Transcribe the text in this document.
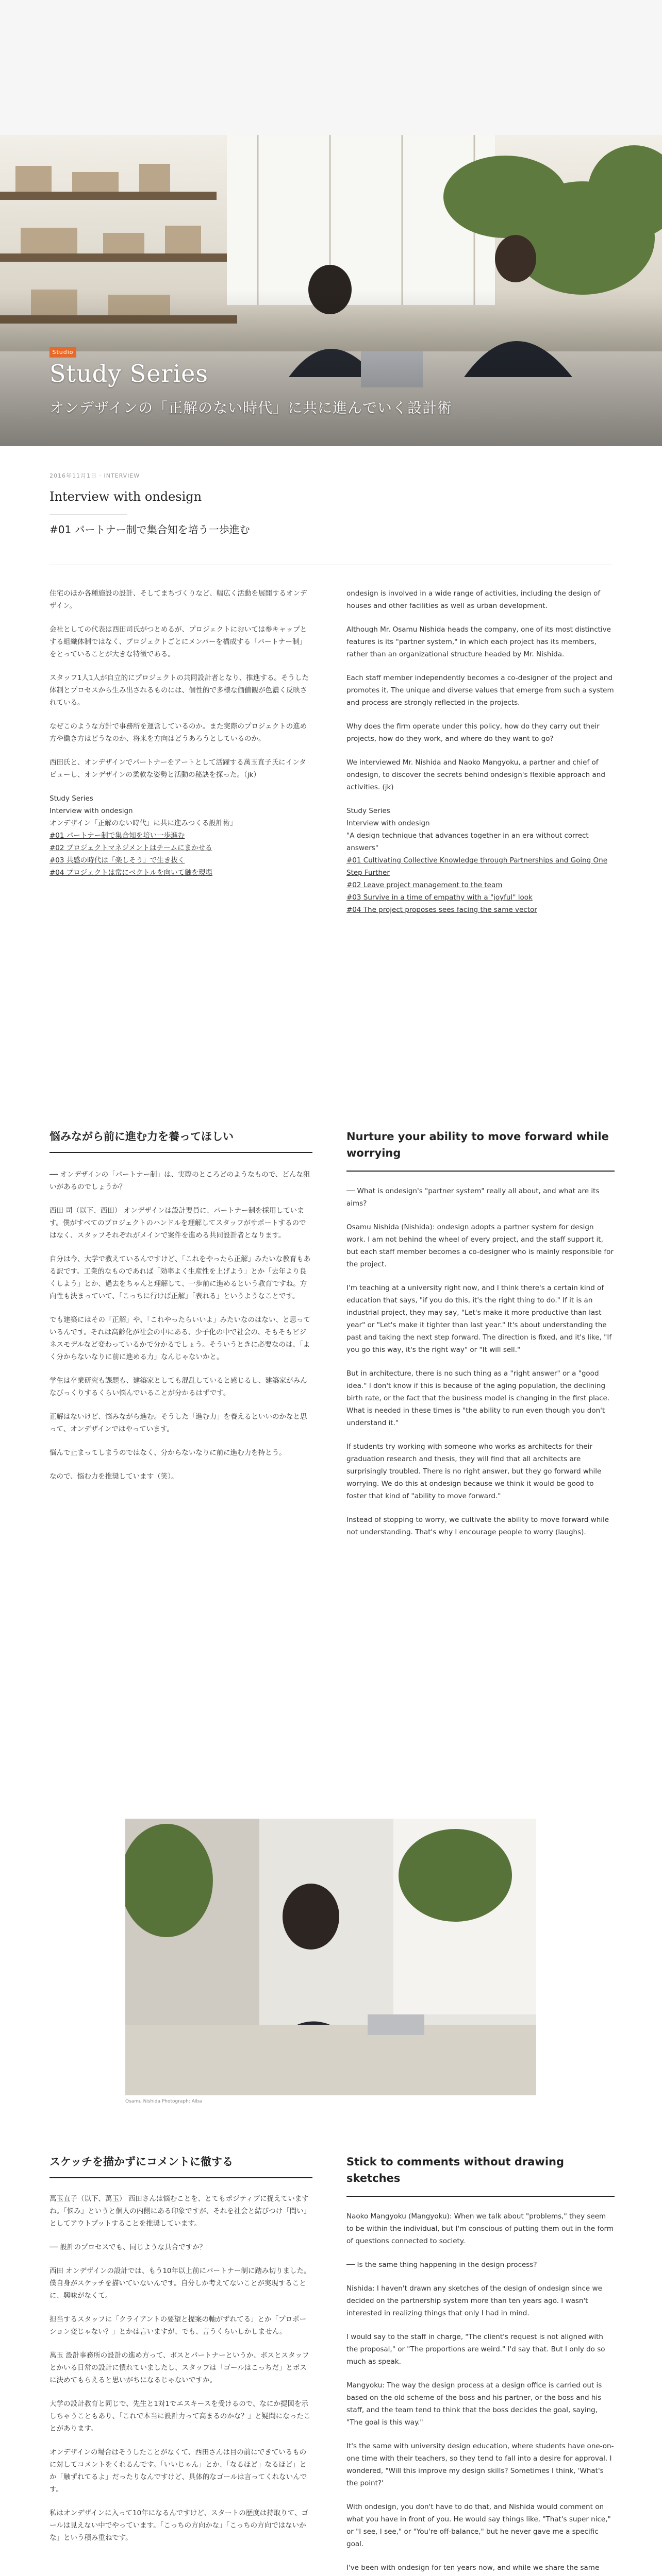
Studio
Study Series
オンデザインの「正解のない時代」に共に進んでいく設計術
2016年11月1日 · INTERVIEW
Interview with ondesign
#01 パートナー制で集合知を培う一歩進む

住宅のほか各種施設の設計、そしてまちづくりなど、幅広く活動を展開するオンデザイン。

会社としての代表は西田司氏がつとめるが、プロジェクトにおいては参キャップとする組織体制ではなく、プロジェクトごとにメンバーを構成する「パートナー制」をとっていることが大きな特徴である。

スタッフ1人1人が自立的にプロジェクトの共同設計者となり、推進する。そうした体制とプロセスから生み出されるものには、個性的で多様な価値観が色濃く反映されている。

なぜこのような方針で事務所を運営しているのか。また実際のプロジェクトの進め方や働き方はどうなのか、将来を方向はどうあろうとしているのか。

西田氏と、オンデザインでパートナーをアートとして活躍する萬玉直子氏にインタビューし、オンデザインの柔軟な姿勢と活動の秘訣を探った。（jk）

Study Series
Interview with ondesign
オンデザイン「正解のない時代」に共に進みつくる設計術」
#01 パートナー制で集合知を培い一歩進む
#02 プロジェクトマネジメントはチームにまかせる
#03 共感の時代は「楽しそう」で生き抜く
#04 プロジェクトは常にベクトルを向いて触を現場

ondesign is involved in a wide range of activities, including the design of houses and other facilities as well as urban development.

Although Mr. Osamu Nishida heads the company, one of its most distinctive features is its "partner system," in which each project has its members, rather than an organizational structure headed by Mr. Nishida.

Each staff member independently becomes a co-designer of the project and promotes it. The unique and diverse values that emerge from such a system and process are strongly reflected in the projects.

Why does the firm operate under this policy, how do they carry out their projects, how do they work, and where do they want to go?

We interviewed Mr. Nishida and Naoko Mangyoku, a partner and chief of ondesign, to discover the secrets behind ondesign's flexible approach and activities. (jk)

Study Series
Interview with ondesign
"A design technique that advances together in an era without correct answers"
#01 Cultivating Collective Knowledge through Partnerships and Going One Step Further
#02 Leave project management to the team
#03 Survive in a time of empathy with a "joyful" look
#04 The project proposes sees facing the same vector
悩みながら前に進む力を養ってほしい	Nurture your ability to move forward while worrying

── オンデザインの「パートナー制」は、実際のところどのようなもので、どんな狙いがあるのでしょうか？

西田 司（以下、西田） オンデザインは設計要員に、パートナー制を採用しています。僕がすべてのプロジェクトのハンドルを理解してスタッフがサポートするのではなく、スタッフそれぞれがメインで案件を進める共同設計者となります。

自分は今、大学で教えているんですけど、「これをやったら正解」みたいな教育もある訳です。工業的なものであれば「効率よく生産性を上げよう」とか「去年より良くしよう」とか、過去をちゃんと理解して、一歩前に進めるという教育ですね。方向性も決まっていて、「こっちに行けば正解」「表れる」というようなことです。

でも建築にはその「正解」や、「これやったらいいよ」みたいなのはない、と思っているんです。それは高齢化が社会の中にある、少子化の中で社会の、そもそもビジネスモデルなど変わっているかで分かるでしょう。そういうときに必要なのは、「よく分からないなりに前に進める力」なんじゃないかと。

学生は卒業研究も課題も、建築家としても混乱していると感じるし、建築家がみんなびっくりするくらい悩んでいることが分かるはずです。

正解はないけど、悩みながら進む。そうした「進む力」を養えるといいのかなと思って、オンデザインではやっています。

悩んで止まってしまうのではなく、分からないなりに前に進む力を持とう。

なので、悩む力を推奨しています（笑）。

── What is ondesign's "partner system" really all about, and what are its aims?

Osamu Nishida (Nishida): ondesign adopts a partner system for design work. I am not behind the wheel of every project, and the staff support it, but each staff member becomes a co-designer who is mainly responsible for the project.

I'm teaching at a university right now, and I think there's a certain kind of education that says, "if you do this, it's the right thing to do." If it is an industrial project, they may say, "Let's make it more productive than last year" or "Let's make it tighter than last year." It's about understanding the past and taking the next step forward. The direction is fixed, and it's like, "If you go this way, it's the right way" or "It will sell."

But in architecture, there is no such thing as a "right answer" or a "good idea." I don't know if this is because of the aging population, the declining birth rate, or the fact that the business model is changing in the first place. What is needed in these times is "the ability to run even though you don't understand it."

If students try working with someone who works as architects for their graduation research and thesis, they will find that all architects are surprisingly troubled. There is no right answer, but they go forward while worrying. We do this at ondesign because we think it would be good to foster that kind of "ability to move forward."

Instead of stopping to worry, we cultivate the ability to move forward while not understanding. That's why I encourage people to worry (laughs).

Osamu Nishida Photograph: Aiba
スケッチを描かずにコメントに徹する	Stick to comments without drawing sketches

萬玉直子（以下、萬玉） 西田さんは悩むことを、とてもポジティブに捉えていますね。「悩み」というと個人の内側にある印象ですが、それを社会と結びつけ「問い」としてアウトプットすることを推奨しています。

── 設計のプロセスでも、同じような具合ですか？

西田 オンデザインの設計では、もう10年以上前にパートナー制に踏み切りました。僕自身がスケッチを描いていないんです。自分しか考えてないことが実現することに、興味がなくて。

担当するスタッフに「クライアントの要望と提案の軸がずれてる」とか「プロポーション変じゃない？」とかは言いますが、でも、言うくらいしかしません。

萬玉 設計事務所の設計の進め方って、ボスとパートナーというか、ボスとスタッフとかいる日常の設計に慣れていましたし、スタッフは「ゴールはこっちだ」とボスに決めてもらえると思いがちになるじゃないですか。

大学の設計教育と同じで、先生と1対1でエスキースを受けるので、なにか提図を示しちゃうこともあり、「これで本当に設計力って高まるのかな？」と疑問になったことがあります。

オンデザインの場合はそうしたことがなくて、西田さんは目の前にできているものに対してコメントをくれるんです。「いいじゃん」とか、「なるほど」なるほど」とか「触ずれてるよ」だったりなんですけど、具体的なゴールは言ってくれないんです。

私はオンデザインに入って10年になるんですけど、スタートの歴度は持取りて、ゴールは見えない中でやっています。「こっちの方向かな」「こっちの方向ではないかな」という積み重ねです。

Naoko Mangyoku (Mangyoku): When we talk about "problems," they seem to be within the individual, but I'm conscious of putting them out in the form of questions connected to society.

── Is the same thing happening in the design process?

Nishida: I haven't drawn any sketches of the design of ondesign since we decided on the partnership system more than ten years ago. I wasn't interested in realizing things that only I had in mind.

I would say to the staff in charge, "The client's request is not aligned with the proposal," or "The proportions are weird." I'd say that. But I only do so much as speak.

Mangyoku: The way the design process at a design office is carried out is based on the old scheme of the boss and his partner, or the boss and his staff, and the team tend to think that the boss decides the goal, saying, "The goal is this way."

It's the same with university design education, where students have one-on-one time with their teachers, so they tend to fall into a desire for approval. I wondered, "Will this improve my design skills? Sometimes I think, 'What's the point?'

With ondesign, you don't have to do that, and Nishida would comment on what you have in front of you. He would say things like, "That's super nice," or "I see, I see," or "You're off-balance," but he never gave me a specific goal.

I've been with ondesign for ten years now, and while we share the same
